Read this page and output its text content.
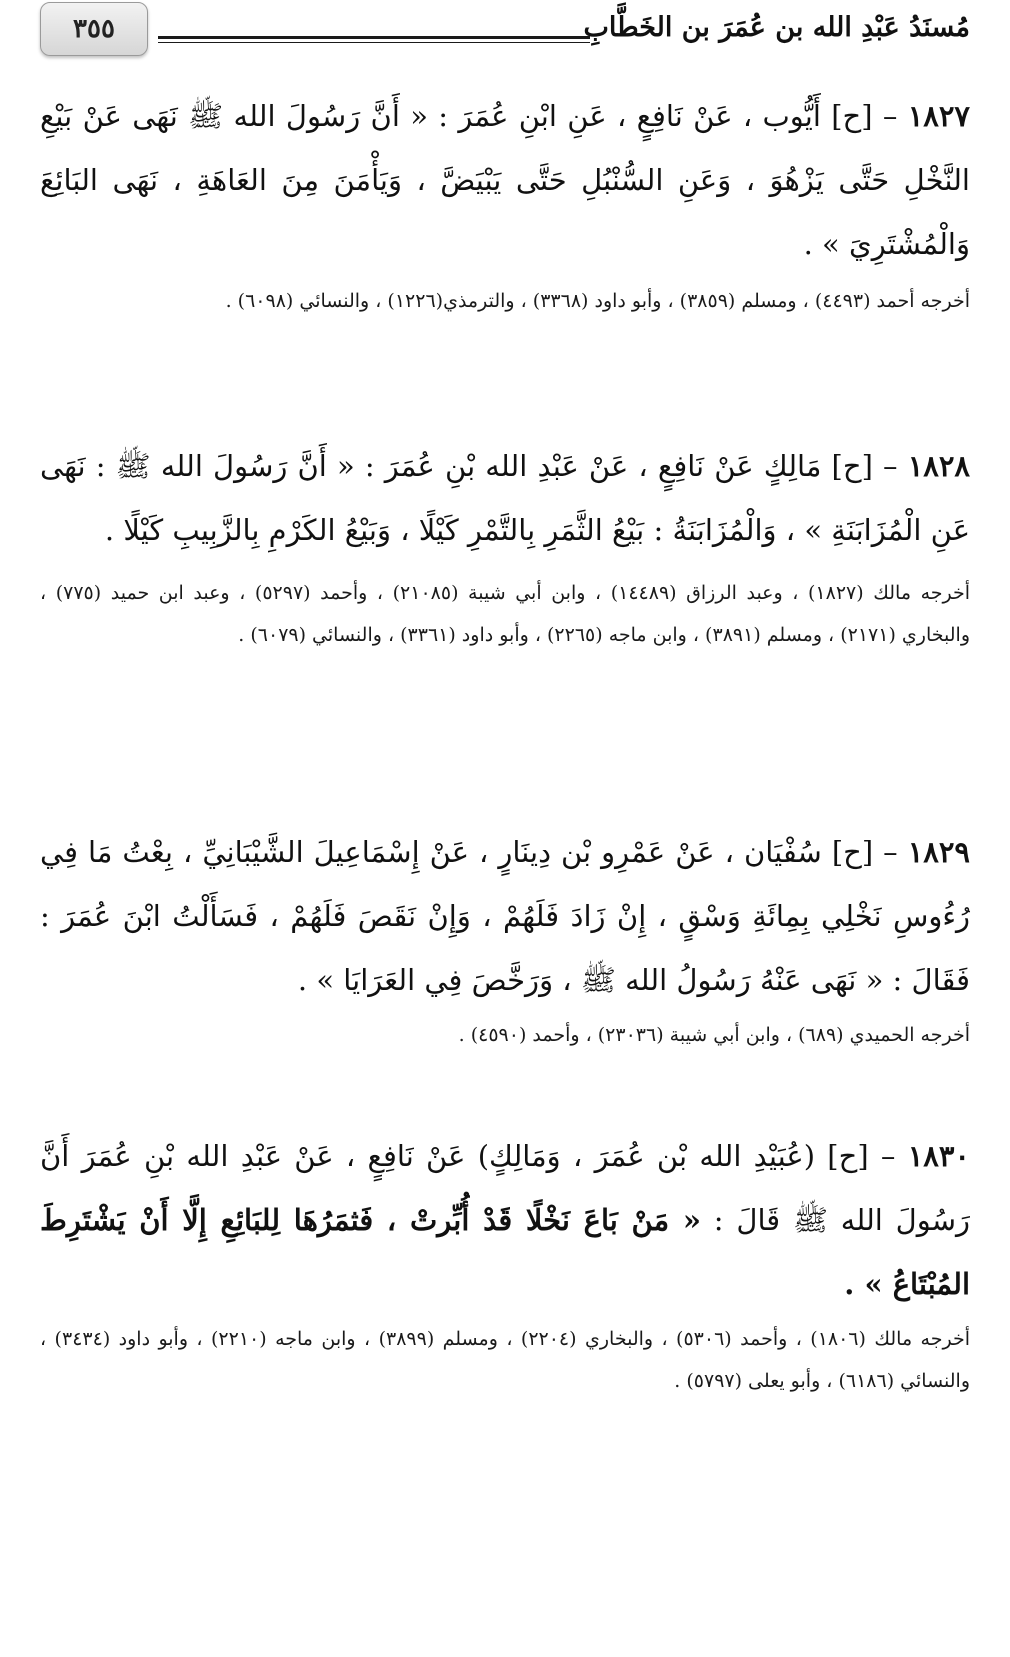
مُسنَدُ عَبْدِ الله بن عُمَرَ بن الخَطَّابِ
٣٥٥

١٨٢٧ – [ح] أَيُّوب ، عَنْ نَافِعٍ ، عَنِ ابْنِ عُمَرَ : « أَنَّ رَسُولَ الله ﷺ نَهَى عَنْ بَيْعِ النَّخْلِ حَتَّى يَزْهُوَ ، وَعَنِ السُّنْبُلِ حَتَّى يَبْيَضَّ ، وَيَأْمَنَ مِنَ العَاهَةِ ، نَهَى البَائِعَ وَالْمُشْتَرِيَ » .

أخرجه أحمد (٤٤٩٣) ، ومسلم (٣٨٥٩) ، وأبو داود (٣٣٦٨) ، والترمذي(١٢٢٦) ، والنسائي (٦٠٩٨) .

١٨٢٨ – [ح] مَالِكٍ عَنْ نَافِعٍ ، عَنْ عَبْدِ الله بْنِ عُمَرَ : « أَنَّ رَسُولَ الله ﷺ : نَهَى عَنِ الْمُزَابَنَةِ » ، وَالْمُزَابَنَةُ : بَيْعُ الثَّمَرِ بِالتَّمْرِ كَيْلًا ، وَبَيْعُ الكَرْمِ بِالزَّبِيبِ كَيْلًا .

أخرجه مالك (١٨٢٧) ، وعبد الرزاق (١٤٤٨٩) ، وابن أبي شيبة (٢١٠٨٥) ، وأحمد (٥٢٩٧) ، وعبد ابن حميد (٧٧٥) ، والبخاري (٢١٧١) ، ومسلم (٣٨٩١) ، وابن ماجه (٢٢٦٥) ، وأبو داود (٣٣٦١) ، والنسائي (٦٠٧٩) .

١٨٢٩ – [ح] سُفْيَان ، عَنْ عَمْرِو بْن دِينَارٍ ، عَنْ إِسْمَاعِيلَ الشَّيْبَانِيِّ ، بِعْتُ مَا فِي رُءُوسِ نَخْلِي بِمِائَةِ وَسْقٍ ، إِنْ زَادَ فَلَهُمْ ، وَإِنْ نَقَصَ فَلَهُمْ ، فَسَأَلْتُ ابْنَ عُمَرَ : فَقَالَ : « نَهَى عَنْهُ رَسُولُ الله ﷺ ، وَرَخَّصَ فِي العَرَايَا » .

أخرجه الحميدي (٦٨٩) ، وابن أبي شيبة (٢٣٠٣٦) ، وأحمد (٤٥٩٠) .

١٨٣٠ – [ح] (عُبَيْدِ الله بْن عُمَرَ ، وَمَالِكٍ) عَنْ نَافِعٍ ، عَنْ عَبْدِ الله بْنِ عُمَرَ أَنَّ رَسُولَ الله ﷺ قَالَ : « مَنْ بَاعَ نَخْلًا قَدْ أُبِّرتْ ، فَثمَرُهَا لِلبَائِعِ إِلَّا أَنْ يَشْتَرِطَ المُبْتَاعُ » .

أخرجه مالك (١٨٠٦) ، وأحمد (٥٣٠٦) ، والبخاري (٢٢٠٤) ، ومسلم (٣٨٩٩) ، وابن ماجه (٢٢١٠) ، وأبو داود (٣٤٣٤) ، والنسائي (٦١٨٦) ، وأبو يعلى (٥٧٩٧) .
